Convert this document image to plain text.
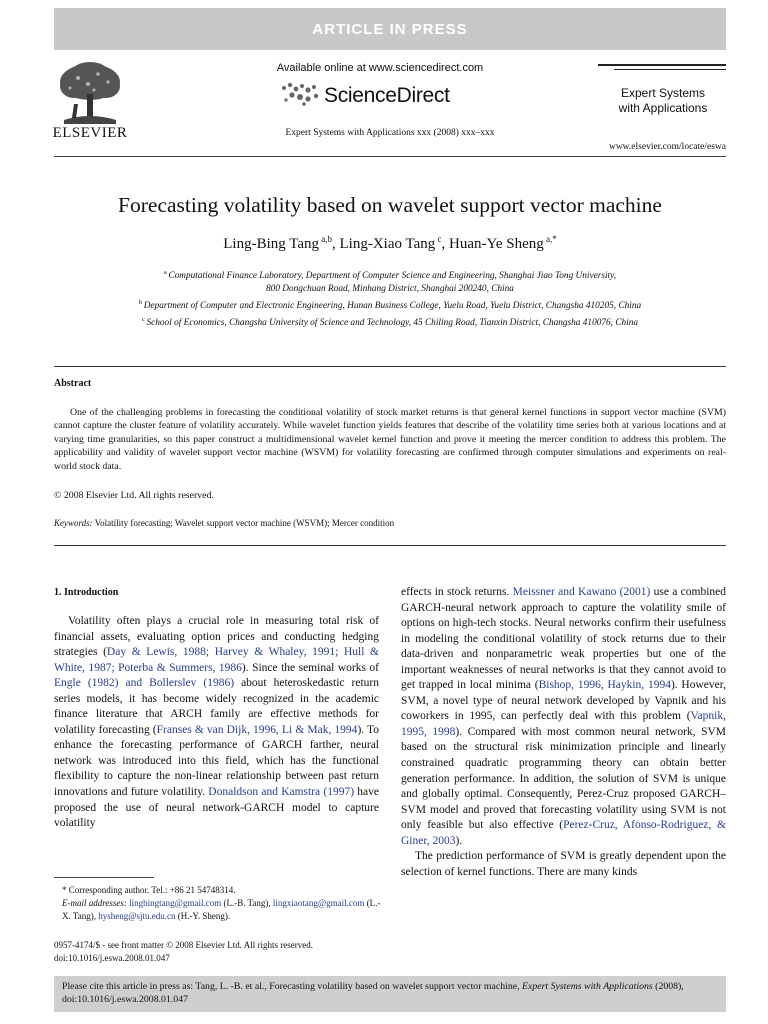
ARTICLE IN PRESS
ELSEVIER
Available online at www.sciencedirect.com
ScienceDirect
Expert Systems with Applications xxx (2008) xxx–xxx
Expert Systems
with Applications
www.elsevier.com/locate/eswa
Forecasting volatility based on wavelet support vector machine
Ling-Bing Tang $^{a,b}$, Ling-Xiao Tang $^c$, Huan-Ye Sheng $^{a,*}$
$^a$ Computational Finance Laboratory, Department of Computer Science and Engineering, Shanghai Jiao Tong University,
800 Dongchuan Road, Minhang District, Shanghai 200240, China
$^b$ Department of Computer and Electronic Engineering, Hunan Business College, Yuelu Road, Yuelu District, Changsha 410205, China
$^c$ School of Economics, Changsha University of Science and Technology, 45 Chiling Road, Tianxin District, Changsha 410076, China
Abstract

One of the challenging problems in forecasting the conditional volatility of stock market returns is that general kernel functions in support vector machine (SVM) cannot capture the cluster feature of volatility accurately. While wavelet function yields features that describe of the volatility time series both at various locations and at varying time granularities, so this paper construct a multidimensional wavelet kernel function and prove it meeting the mercer condition to address this problem. The applicability and validity of wavelet support vector machine (WSVM) for volatility forecasting are confirmed through computer simulations and experiments on real-world stock data.

© 2008 Elsevier Ltd. All rights reserved.
Keywords: Volatility forecasting; Wavelet support vector machine (WSVM); Mercer condition
1. Introduction

Volatility often plays a crucial role in measuring total risk of financial assets, evaluating option prices and conducting hedging strategies (Day & Lewis, 1988; Harvey & Whaley, 1991; Hull & White, 1987; Poterba & Summers, 1986). Since the seminal works of Engle (1982) and Bollerslev (1986) about heteroskedastic return series models, it has become widely recognized in the academic finance literature that ARCH family are effective methods for volatility forecasting (Franses & van Dijk, 1996, Li & Mak, 1994). To enhance the forecasting performance of GARCH farther, neural network was introduced into this field, which has the functional flexibility to capture the non-linear relationship between past return innovations and future volatility. Donaldson and Kamstra (1997) have proposed the use of neural network-GARCH model to capture volatility

effects in stock returns. Meissner and Kawano (2001) use a combined GARCH-neural network approach to capture the volatility smile of options on high-tech stocks. Neural networks confirm their usefulness in modeling the conditional volatility of stock returns due to their data-driven and nonparametric weak properties but one of the important weaknesses of neural networks is that they cannot avoid to get trapped in local minima (Bishop, 1996, Haykin, 1994). However, SVM, a novel type of neural network developed by Vapnik and his coworkers in 1995, can perfectly deal with this problem (Vapnik, 1995, 1998). Compared with most common neural network, SVM based on the structural risk minimization principle and linearly constrained quadratic programming theory can obtain better generation performance. In addition, the solution of SVM is unique and globally optimal. Consequently, Perez-Cruz proposed GARCH–SVM model and proved that forecasting volatility using SVM is not only feasible but also effective (Perez-Cruz, Afonso-Rodriguez, & Giner, 2003).

The prediction performance of SVM is greatly dependent upon the selection of kernel functions. There are many kinds

* Corresponding author. Tel.: +86 21 54748314.
E-mail addresses: lingbingtang@gmail.com (L.-B. Tang), lingxiaotang@gmail.com (L.-X. Tang), hysheng@sjtu.edu.cn (H.-Y. Sheng).
0957-4174/$ - see front matter © 2008 Elsevier Ltd. All rights reserved.
doi:10.1016/j.eswa.2008.01.047
Please cite this article in press as: Tang, L. -B. et al., Forecasting volatility based on wavelet support vector machine, Expert Systems with Applications (2008), doi:10.1016/j.eswa.2008.01.047
